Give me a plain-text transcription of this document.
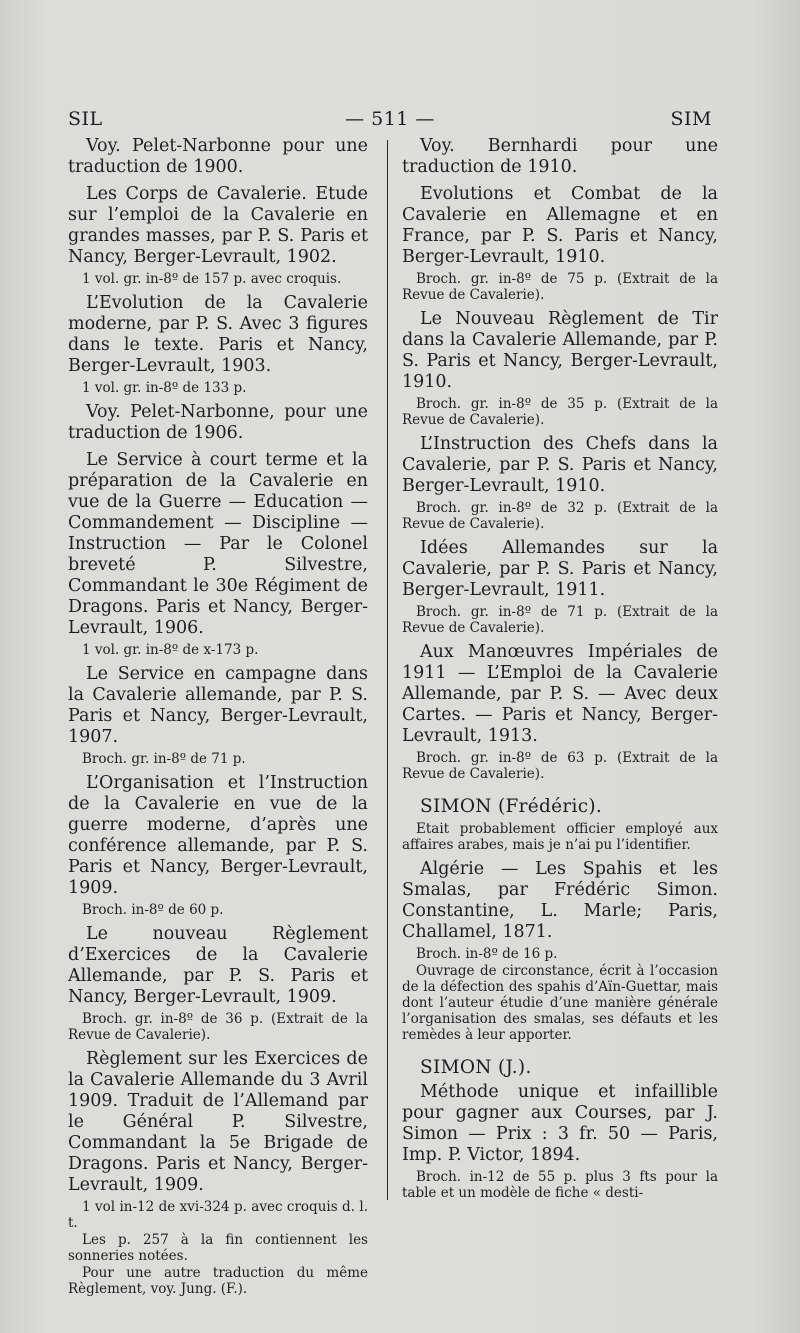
SIL	— 511 —	SIM

Voy. Pelet-Narbonne pour une traduction de 1900.

Les Corps de Cavalerie. Etude sur l’emploi de la Cavalerie en grandes masses, par P. S. Paris et Nancy, Berger-Levrault, 1902.

1 vol. gr. in-8º de 157 p. avec croquis.

L’Evolution de la Cavalerie moderne, par P. S. Avec 3 figures dans le texte. Paris et Nancy, Berger-Levrault, 1903.

1 vol. gr. in-8º de 133 p.

Voy. Pelet-Narbonne, pour une traduction de 1906.

Le Service à court terme et la préparation de la Cavalerie en vue de la Guerre — Education — Commandement — Discipline — Instruction — Par le Colonel breveté P. Silvestre, Commandant le 30e Régiment de Dragons. Paris et Nancy, Berger-Levrault, 1906.

1 vol. gr. in-8º de x-173 p.

Le Service en campagne dans la Cavalerie allemande, par P. S. Paris et Nancy, Berger-Levrault, 1907.

Broch. gr. in-8º de 71 p.

L’Organisation et l’Instruction de la Cavalerie en vue de la guerre moderne, d’après une conférence allemande, par P. S. Paris et Nancy, Berger-Levrault, 1909.

Broch. in-8º de 60 p.

Le nouveau Règlement d’Exercices de la Cavalerie Allemande, par P. S. Paris et Nancy, Berger-Levrault, 1909.

Broch. gr. in-8º de 36 p. (Extrait de la Revue de Cavalerie).

Règlement sur les Exercices de la Cavalerie Allemande du 3 Avril 1909. Traduit de l’Allemand par le Général P. Silvestre, Commandant la 5e Brigade de Dragons. Paris et Nancy, Berger-Levrault, 1909.

1 vol in-12 de xvi-324 p. avec croquis d. l. t.

Les p. 257 à la fin contiennent les sonneries notées.

Pour une autre traduction du même Règlement, voy. Jung. (F.).

Voy. Bernhardi pour une traduction de 1910.

Evolutions et Combat de la Cavalerie en Allemagne et en France, par P. S. Paris et Nancy, Berger-Levrault, 1910.

Broch. gr. in-8º de 75 p. (Extrait de la Revue de Cavalerie).

Le Nouveau Règlement de Tir dans la Cavalerie Allemande, par P. S. Paris et Nancy, Berger-Levrault, 1910.

Broch. gr. in-8º de 35 p. (Extrait de la Revue de Cavalerie).

L’Instruction des Chefs dans la Cavalerie, par P. S. Paris et Nancy, Berger-Levrault, 1910.

Broch. gr. in-8º de 32 p. (Extrait de la Revue de Cavalerie).

Idées Allemandes sur la Cavalerie, par P. S. Paris et Nancy, Berger-Levrault, 1911.

Broch. gr. in-8º de 71 p. (Extrait de la Revue de Cavalerie).

Aux Manœuvres Impériales de 1911 — L’Emploi de la Cavalerie Allemande, par P. S. — Avec deux Cartes. — Paris et Nancy, Berger-Levrault, 1913.

Broch. gr. in-8º de 63 p. (Extrait de la Revue de Cavalerie).

SIMON (Frédéric).

Etait probablement officier employé aux affaires arabes, mais je n’ai pu l’identifier.

Algérie — Les Spahis et les Smalas, par Frédéric Simon. Constantine, L. Marle; Paris, Challamel, 1871.

Broch. in-8º de 16 p.

Ouvrage de circonstance, écrit à l’occasion de la défection des spahis d’Aïn-Guettar, mais dont l’auteur étudie d’une manière générale l’organisation des smalas, ses défauts et les remèdes à leur apporter.

SIMON (J.).

Méthode unique et infaillible pour gagner aux Courses, par J. Simon — Prix : 3 fr. 50 — Paris, Imp. P. Victor, 1894.

Broch. in-12 de 55 p. plus 3 fts pour la table et un modèle de fiche « desti-
